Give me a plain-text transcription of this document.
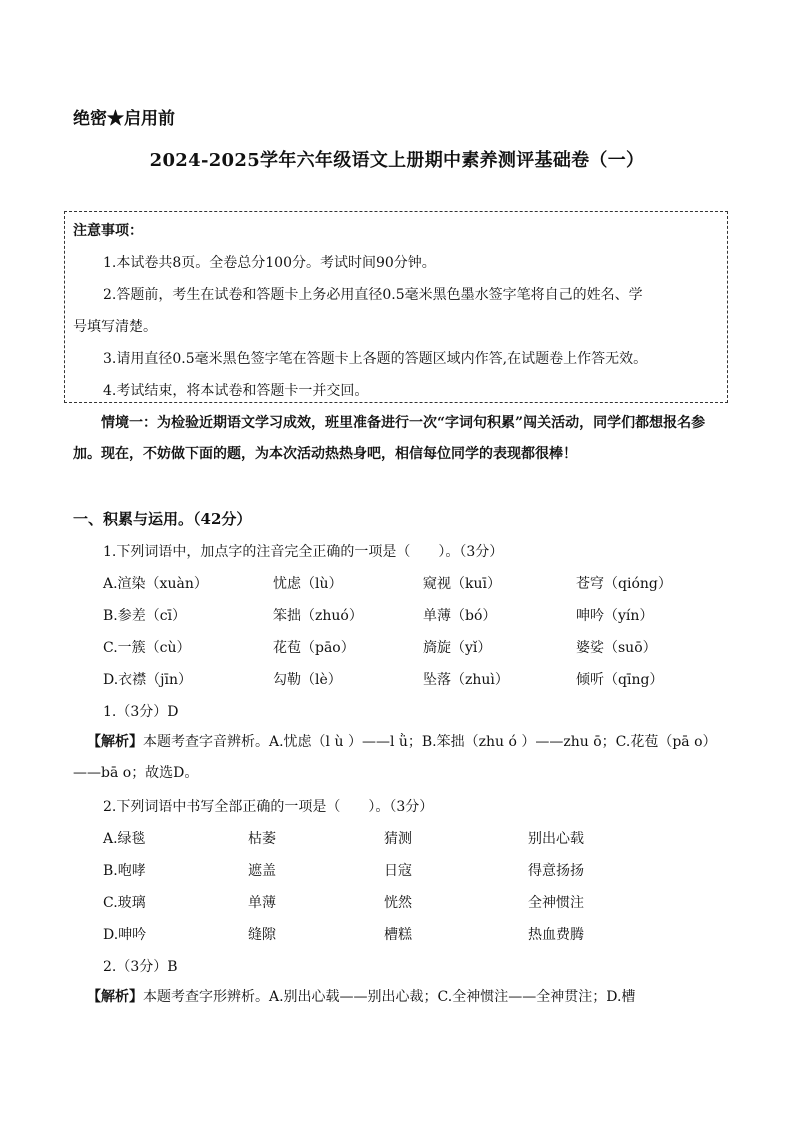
绝密★启用前
2024-2025学年六年级语文上册期中素养测评基础卷（一）
注意事项：
1.本试卷共8页。全卷总分100分。考试时间90分钟。
2.答题前，考生在试卷和答题卡上务必用直径0.5毫米黑色墨水签字笔将自己的姓名、学
号填写清楚。
3.请用直径0.5毫米黑色签字笔在答题卡上各题的答题区域内作答,在试题卷上作答无效。
4.考试结束，将本试卷和答题卡一并交回。
情境一：为检验近期语文学习成效，班里准备进行一次“字词句积累”闯关活动，同学们都想报名参加。现在，不妨做下面的题，为本次活动热热身吧，相信每位同学的表现都很棒！
一、积累与运用。（42分）
1.下列词语中，加点字的注音完全正确的一项是（　　）。（3分）
A.渲染（xuàn）	忧虑（lù）	窥视（kuī）	苍穹（qióng）
B.参差（cī）	笨拙（zhuó）	单薄（bó）	呻吟（yín）
C.一簇（cù）	花苞（pāo）	旖旋（yǐ）	婆娑（suō）
D.衣襟（jīn）	勾勒（lè）	坠落（zhuì）	倾听（qīng）
1.（3分）D
【解析】本题考查字音辨析。A.忧虑（l ù ）——l ǜ；B.笨拙（zhu ó ）——zhu ō；C.花苞（pā o）——bā o；故选D。
2.下列词语中书写全部正确的一项是（　　）。（3分）
A.绿毯	枯萎	猜测	别出心载
B.咆哮	遮盖	日寇	得意扬扬
C.玻璃	单薄	恍然	全神惯注
D.呻吟	缝隙	槽糕	热血费腾
2.（3分）B
【解析】本题考查字形辨析。A.别出心载——别出心裁；C.全神惯注——全神贯注；D.槽
